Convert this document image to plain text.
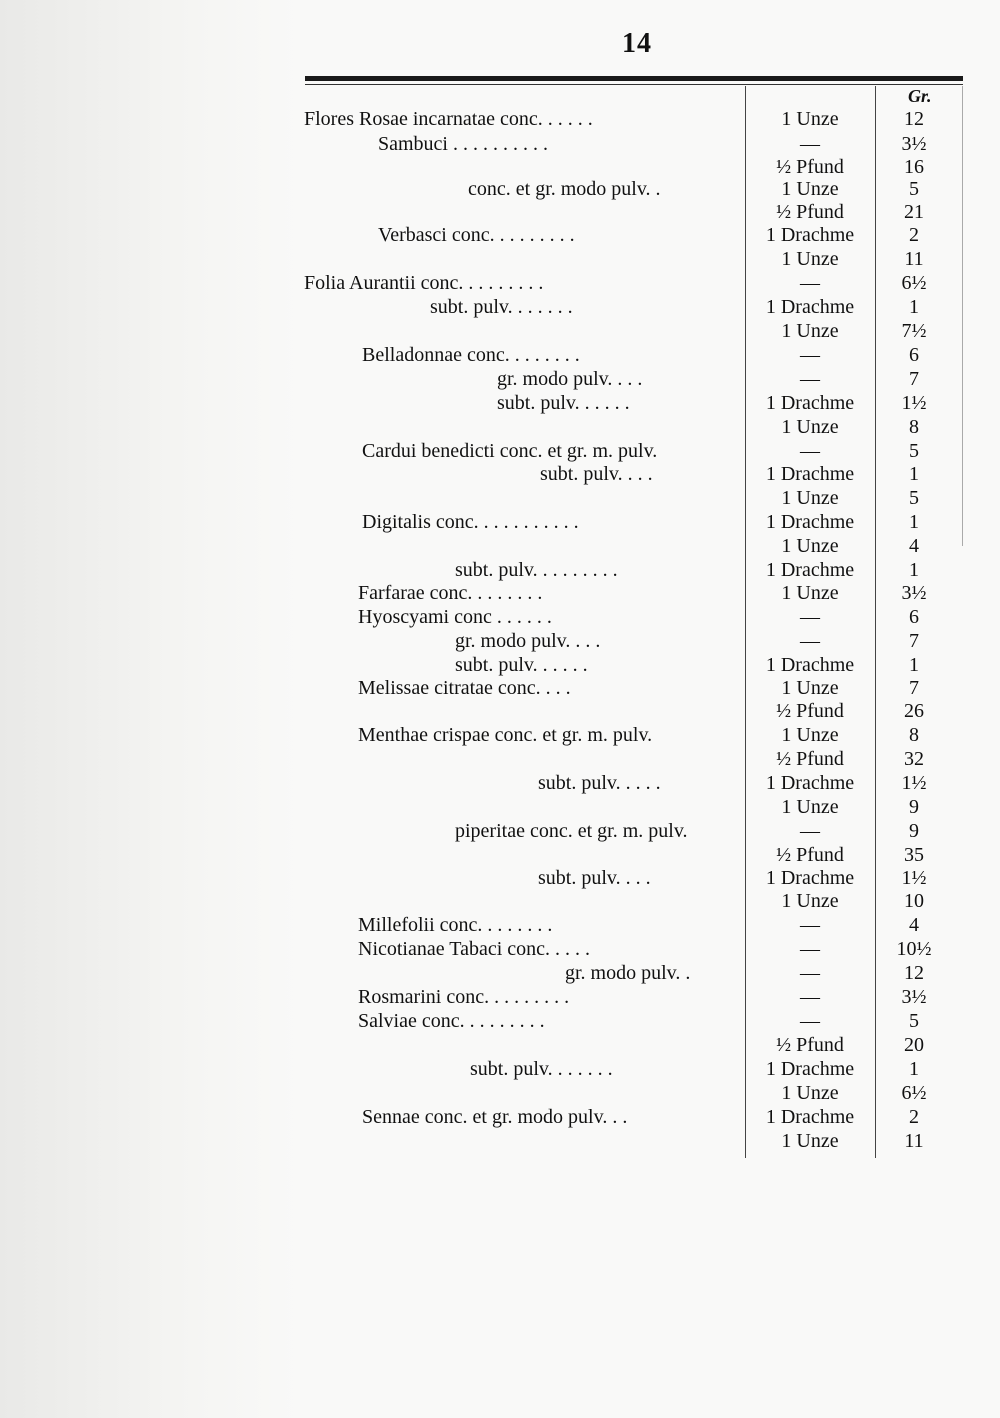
14
Gr.
Flores Rosae incarnatae conc. . . . . .	1 Unze	12
Sambuci . . . . . . . . . .	—	3½
½ Pfund	16
conc. et gr. modo pulv. .	1 Unze	5
½ Pfund	21
Verbasci conc. . . . . . . . .	1 Drachme	2
1 Unze	11
Folia Aurantii conc. . . . . . . . .	—	6½
subt. pulv. . . . . . .	1 Drachme	1
1 Unze	7½
Belladonnae conc. . . . . . . .	—	6
gr. modo pulv. . . .	—	7
subt. pulv. . . . . .	1 Drachme	1½
1 Unze	8
Cardui benedicti conc. et gr. m. pulv.	—	5
subt. pulv. . . .	1 Drachme	1
1 Unze	5
Digitalis conc. . . . . . . . . . .	1 Drachme	1
1 Unze	4
subt. pulv. . . . . . . . .	1 Drachme	1
Farfarae conc. . . . . . . .	1 Unze	3½
Hyoscyami conc . . . . . .	—	6
gr. modo pulv. . . .	—	7
subt. pulv. . . . . .	1 Drachme	1
Melissae citratae conc. . . .	1 Unze	7
½ Pfund	26
Menthae crispae conc. et gr. m. pulv.	1 Unze	8
½ Pfund	32
subt. pulv. . . . .	1 Drachme	1½
1 Unze	9
piperitae conc. et gr. m. pulv.	—	9
½ Pfund	35
subt. pulv. . . .	1 Drachme	1½
1 Unze	10
Millefolii conc. . . . . . . .	—	4
Nicotianae Tabaci conc. . . . .	—	10½
gr. modo pulv. .	—	12
Rosmarini conc. . . . . . . . .	—	3½
Salviae conc. . . . . . . . .	—	5
½ Pfund	20
subt. pulv. . . . . . .	1 Drachme	1
1 Unze	6½
Sennae conc. et gr. modo pulv. . .	1 Drachme	2
1 Unze	11
